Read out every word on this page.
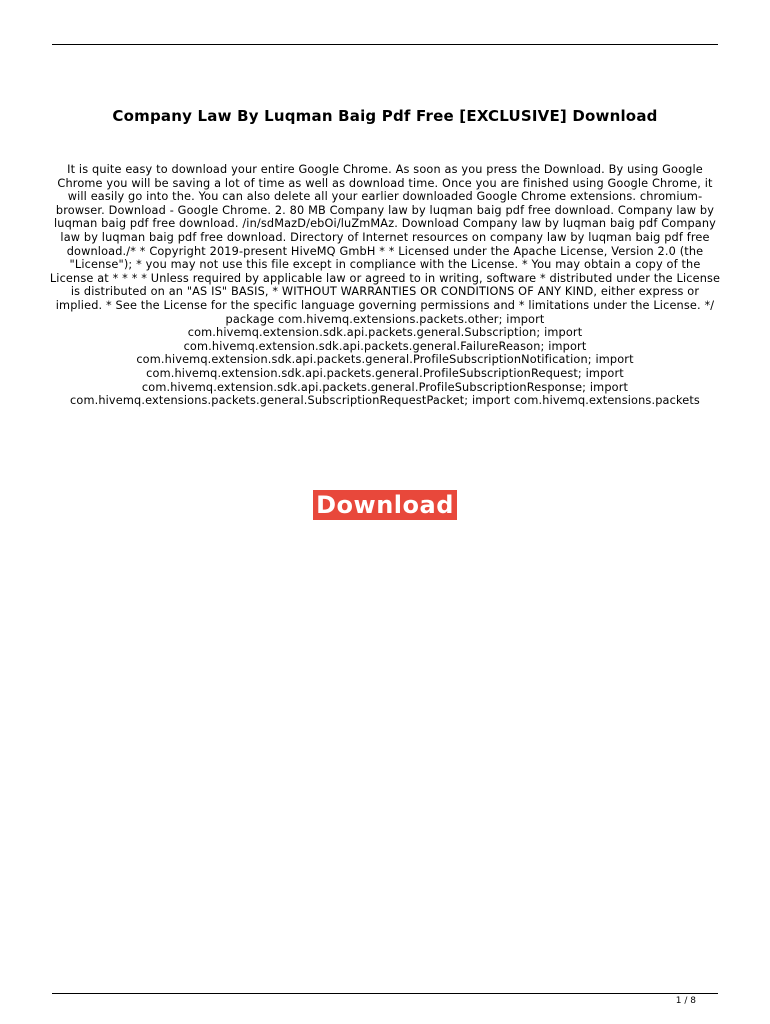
Company Law By Luqman Baig Pdf Free [EXCLUSIVE] Download

It is quite easy to download your entire Google Chrome. As soon as you press the Download. By using Google Chrome you will be saving a lot of time as well as download time. Once you are finished using Google Chrome, it will easily go into the. You can also delete all your earlier downloaded Google Chrome extensions. chromium-browser. Download - Google Chrome. 2. 80 MB Company law by luqman baig pdf free download. Company law by luqman baig pdf free download. /in/sdMazD/ebOi/luZmMAz. Download Company law by luqman baig pdf Company law by luqman baig pdf free download. Directory of Internet resources on company law by luqman baig pdf free download./* * Copyright 2019-present HiveMQ GmbH * * Licensed under the Apache License, Version 2.0 (the "License"); * you may not use this file except in compliance with the License. * You may obtain a copy of the License at * * * * Unless required by applicable law or agreed to in writing, software * distributed under the License is distributed on an "AS IS" BASIS, * WITHOUT WARRANTIES OR CONDITIONS OF ANY KIND, either express or implied. * See the License for the specific language governing permissions and * limitations under the License. */ package com.hivemq.extensions.packets.other; import com.hivemq.extension.sdk.api.packets.general.Subscription; import com.hivemq.extension.sdk.api.packets.general.FailureReason; import com.hivemq.extension.sdk.api.packets.general.ProfileSubscriptionNotification; import com.hivemq.extension.sdk.api.packets.general.ProfileSubscriptionRequest; import com.hivemq.extension.sdk.api.packets.general.ProfileSubscriptionResponse; import com.hivemq.extensions.packets.general.SubscriptionRequestPacket; import com.hivemq.extensions.packets

Download
1 / 8
